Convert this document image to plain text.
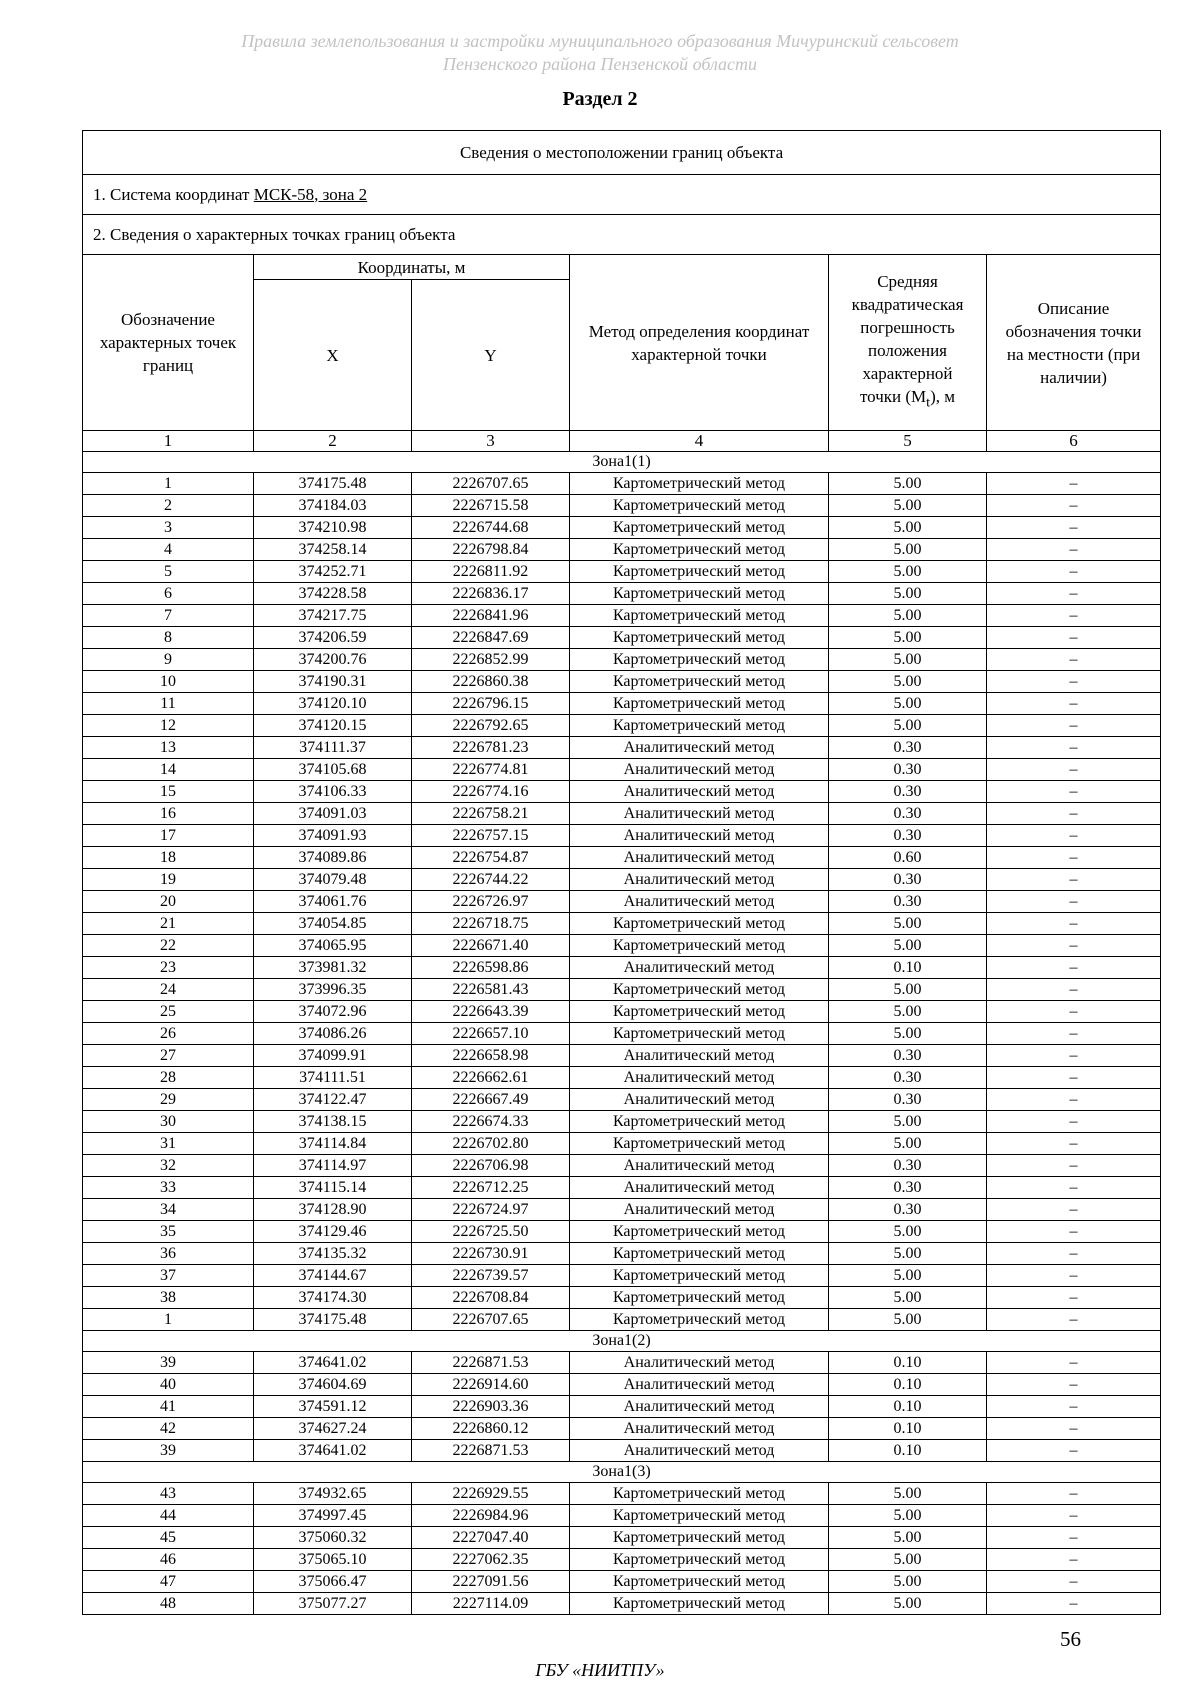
Правила землепользования и застройки муниципального образования Мичуринский сельсовет
Пензенского района Пензенской области
Раздел 2
Сведения о местоположении границ объекта					
1. Система координат МСК-58, зона 2					
2. Сведения о характерных точках границ объекта					
Обозначение характерных точек границ	Координаты, м		Метод определения координат характерной точки	Средняя квадратическая погрешность положения характерной точки $(M_t)$, м	Описание обозначения точки на местности (при наличии)
	X	Y			
1	2	3	4	5	6
Зона1(1)					
1	374175.48	2226707.65	Картометрический метод	5.00	–
2	374184.03	2226715.58	Картометрический метод	5.00	–
3	374210.98	2226744.68	Картометрический метод	5.00	–
4	374258.14	2226798.84	Картометрический метод	5.00	–
5	374252.71	2226811.92	Картометрический метод	5.00	–
6	374228.58	2226836.17	Картометрический метод	5.00	–
7	374217.75	2226841.96	Картометрический метод	5.00	–
8	374206.59	2226847.69	Картометрический метод	5.00	–
9	374200.76	2226852.99	Картометрический метод	5.00	–
10	374190.31	2226860.38	Картометрический метод	5.00	–
11	374120.10	2226796.15	Картометрический метод	5.00	–
12	374120.15	2226792.65	Картометрический метод	5.00	–
13	374111.37	2226781.23	Аналитический метод	0.30	–
14	374105.68	2226774.81	Аналитический метод	0.30	–
15	374106.33	2226774.16	Аналитический метод	0.30	–
16	374091.03	2226758.21	Аналитический метод	0.30	–
17	374091.93	2226757.15	Аналитический метод	0.30	–
18	374089.86	2226754.87	Аналитический метод	0.60	–
19	374079.48	2226744.22	Аналитический метод	0.30	–
20	374061.76	2226726.97	Аналитический метод	0.30	–
21	374054.85	2226718.75	Картометрический метод	5.00	–
22	374065.95	2226671.40	Картометрический метод	5.00	–
23	373981.32	2226598.86	Аналитический метод	0.10	–
24	373996.35	2226581.43	Картометрический метод	5.00	–
25	374072.96	2226643.39	Картометрический метод	5.00	–
26	374086.26	2226657.10	Картометрический метод	5.00	–
27	374099.91	2226658.98	Аналитический метод	0.30	–
28	374111.51	2226662.61	Аналитический метод	0.30	–
29	374122.47	2226667.49	Аналитический метод	0.30	–
30	374138.15	2226674.33	Картометрический метод	5.00	–
31	374114.84	2226702.80	Картометрический метод	5.00	–
32	374114.97	2226706.98	Аналитический метод	0.30	–
33	374115.14	2226712.25	Аналитический метод	0.30	–
34	374128.90	2226724.97	Аналитический метод	0.30	–
35	374129.46	2226725.50	Картометрический метод	5.00	–
36	374135.32	2226730.91	Картометрический метод	5.00	–
37	374144.67	2226739.57	Картометрический метод	5.00	–
38	374174.30	2226708.84	Картометрический метод	5.00	–
1	374175.48	2226707.65	Картометрический метод	5.00	–
Зона1(2)					
39	374641.02	2226871.53	Аналитический метод	0.10	–
40	374604.69	2226914.60	Аналитический метод	0.10	–
41	374591.12	2226903.36	Аналитический метод	0.10	–
42	374627.24	2226860.12	Аналитический метод	0.10	–
39	374641.02	2226871.53	Аналитический метод	0.10	–
Зона1(3)					
43	374932.65	2226929.55	Картометрический метод	5.00	–
44	374997.45	2226984.96	Картометрический метод	5.00	–
45	375060.32	2227047.40	Картометрический метод	5.00	–
46	375065.10	2227062.35	Картометрический метод	5.00	–
47	375066.47	2227091.56	Картометрический метод	5.00	–
48	375077.27	2227114.09	Картометрический метод	5.00	–
56
ГБУ «НИИТПУ»
